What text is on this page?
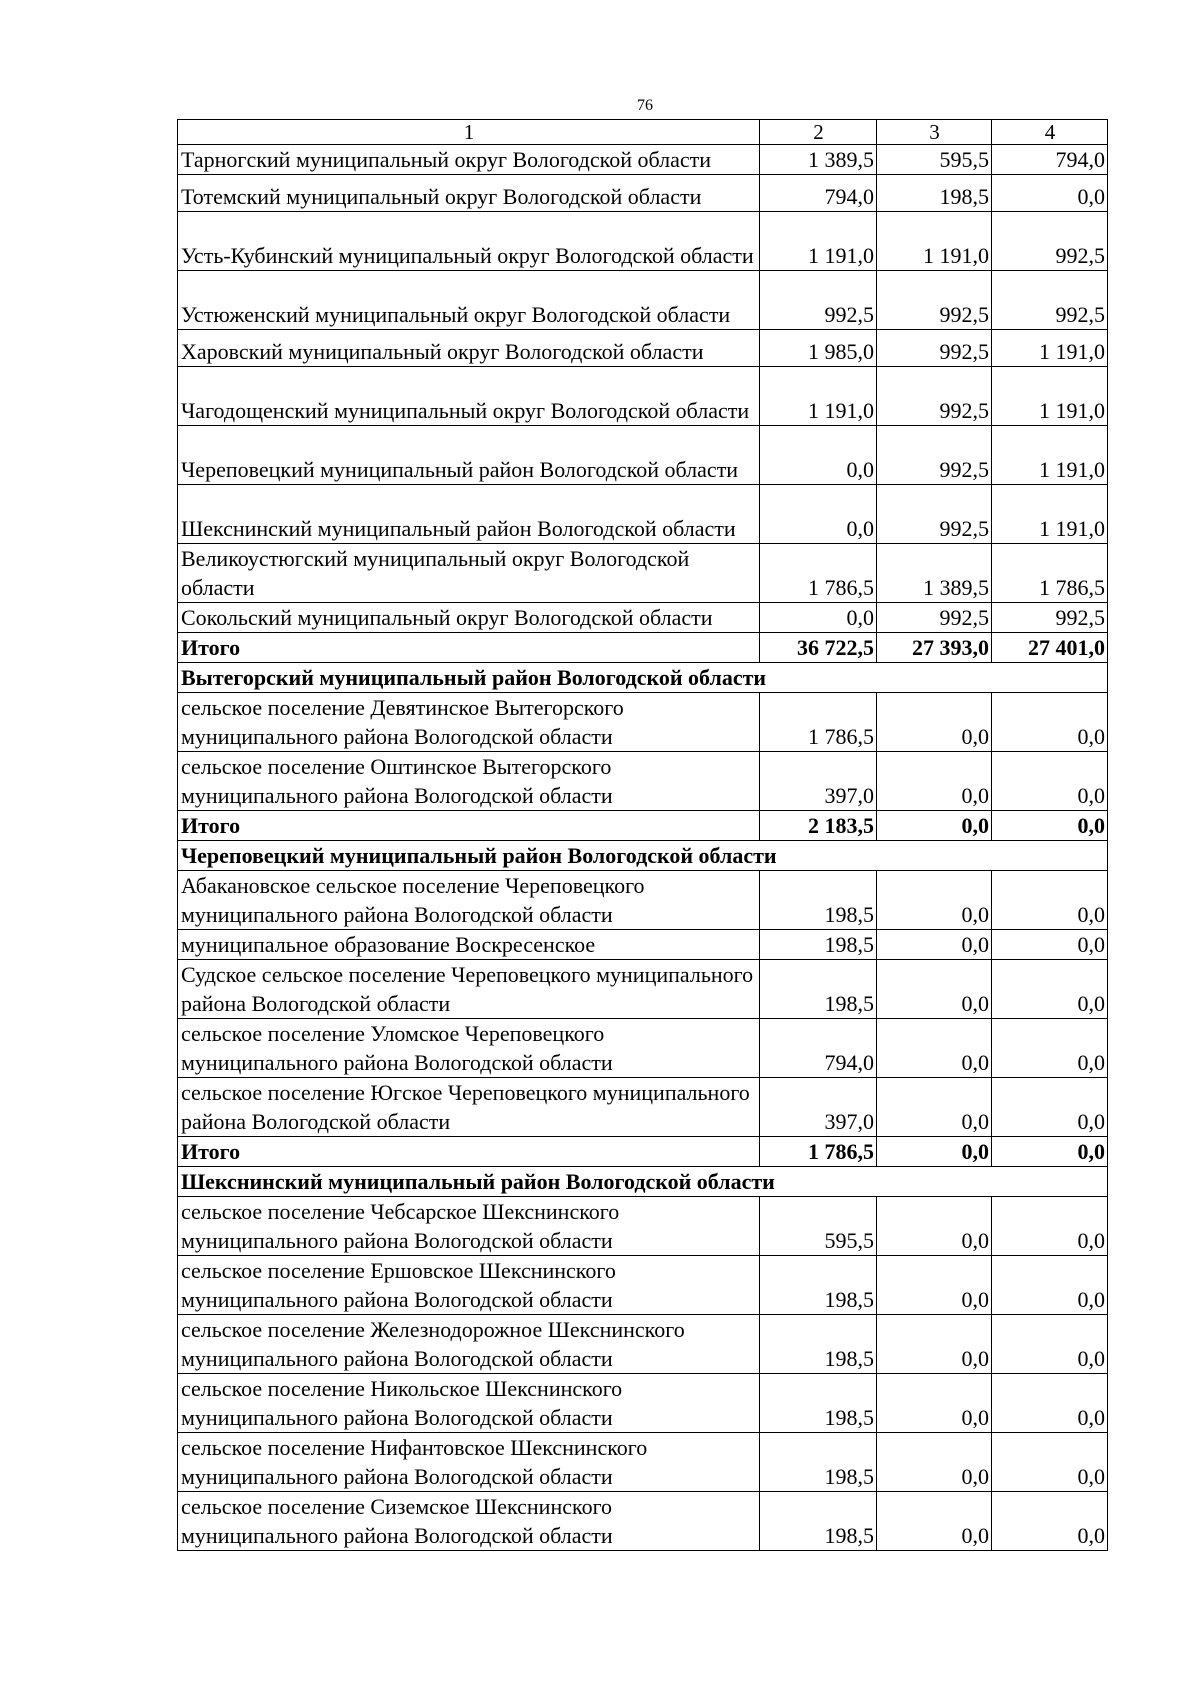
76
1	2	3	4
Тарногский муниципальный округ Вологодской области	1 389,5	595,5	794,0
Тотемский муниципальный округ Вологодской области	794,0	198,5	0,0
Усть-Кубинский муниципальный округ Вологодской области	1 191,0	1 191,0	992,5
Устюженский муниципальный округ Вологодской области	992,5	992,5	992,5
Харовский муниципальный округ Вологодской области	1 985,0	992,5	1 191,0
Чагодощенский муниципальный округ Вологодской области	1 191,0	992,5	1 191,0
Череповецкий муниципальный район Вологодской области	0,0	992,5	1 191,0
Шекснинский муниципальный район Вологодской области	0,0	992,5	1 191,0
Великоустюгский муниципальный округ Вологодской области	1 786,5	1 389,5	1 786,5
Сокольский муниципальный округ Вологодской области	0,0	992,5	992,5
Итого	36 722,5	27 393,0	27 401,0
Вытегорский муниципальный район Вологодской области			
сельское поселение Девятинское Вытегорского муниципального района Вологодской области	1 786,5	0,0	0,0
сельское поселение Оштинское Вытегорского муниципального района Вологодской области	397,0	0,0	0,0
Итого	2 183,5	0,0	0,0
Череповецкий муниципальный район Вологодской области			
Абакановское сельское поселение Череповецкого муниципального района Вологодской области	198,5	0,0	0,0
муниципальное образование Воскресенское	198,5	0,0	0,0
Судское сельское поселение Череповецкого муниципального района Вологодской области	198,5	0,0	0,0
сельское поселение Уломское Череповецкого муниципального района Вологодской области	794,0	0,0	0,0
сельское поселение Югское Череповецкого муниципального района Вологодской области	397,0	0,0	0,0
Итого	1 786,5	0,0	0,0
Шекснинский муниципальный район Вологодской области			
сельское поселение Чебсарское Шекснинского муниципального района Вологодской области	595,5	0,0	0,0
сельское поселение Ершовское Шекснинского муниципального района Вологодской области	198,5	0,0	0,0
сельское поселение Железнодорожное Шекснинского муниципального района Вологодской области	198,5	0,0	0,0
сельское поселение Никольское Шекснинского муниципального района Вологодской области	198,5	0,0	0,0
сельское поселение Нифантовское Шекснинского муниципального района Вологодской области	198,5	0,0	0,0
сельское поселение Сиземское Шекснинского муниципального района Вологодской области	198,5	0,0	0,0
